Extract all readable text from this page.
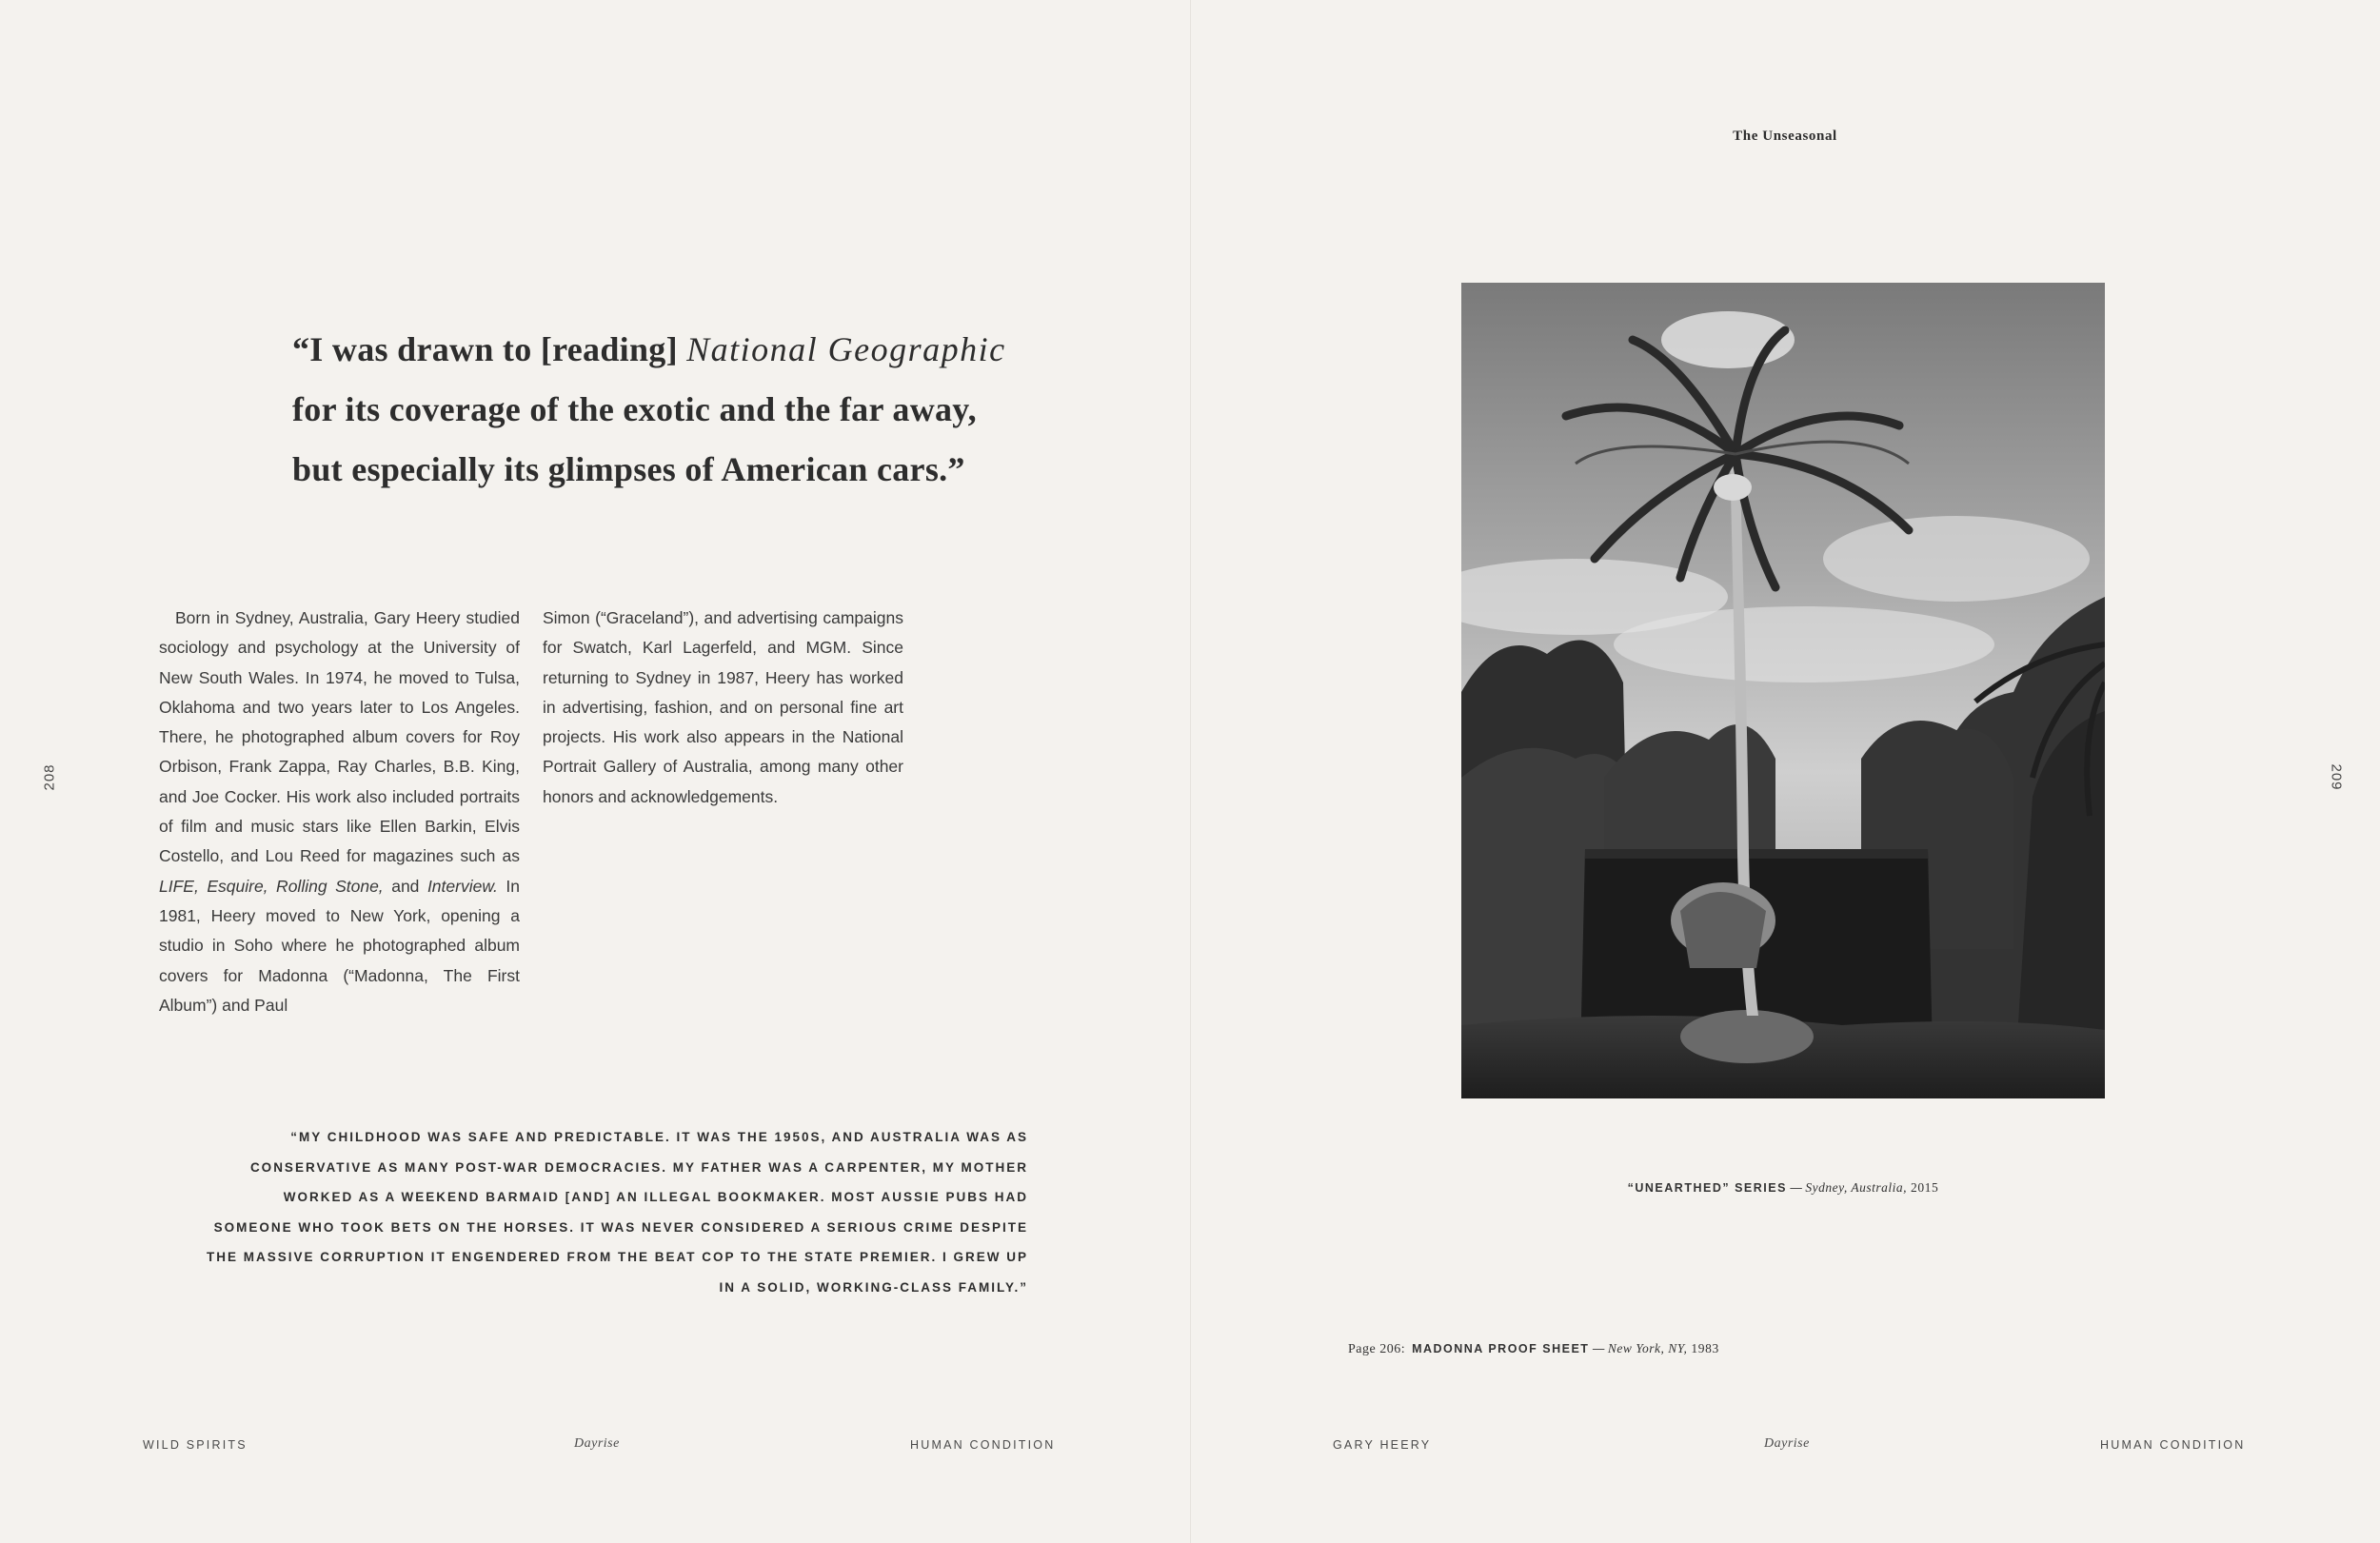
208
“I was drawn to [reading] National Geographic
for its coverage of the exotic and the far away,
but especially its glimpses of American cars.”

Born in Sydney, Australia, Gary Heery studied sociology and psychology at the University of New South Wales. In 1974, he moved to Tulsa, Oklahoma and two years later to Los Angeles. There, he photographed album covers for Roy Orbison, Frank Zappa, Ray Charles, B.B. King, and Joe Cocker. His work also included portraits of film and music stars like Ellen Barkin, Elvis Costello, and Lou Reed for magazines such as LIFE, Esquire, Rolling Stone, and Interview. In 1981, Heery moved to New York, opening a studio in Soho where he photographed album covers for Madonna (“Madonna, The First Album”) and Paul

Simon (“Graceland”), and advertising campaigns for Swatch, Karl Lagerfeld, and MGM. Since returning to Sydney in 1987, Heery has worked in advertising, fashion, and on personal fine art projects. His work also appears in the National Portrait Gallery of Australia, among many other honors and acknowledgements.

“MY CHILDHOOD WAS SAFE AND PREDICTABLE. IT WAS THE 1950S, AND AUSTRALIA WAS AS CONSERVATIVE AS MANY POST-WAR DEMOCRACIES. MY FATHER WAS A CARPENTER, MY MOTHER WORKED AS A WEEKEND BARMAID [AND] AN ILLEGAL BOOKMAKER. MOST AUSSIE PUBS HAD SOMEONE WHO TOOK BETS ON THE HORSES. IT WAS NEVER CONSIDERED A SERIOUS CRIME DESPITE THE MASSIVE CORRUPTION IT ENGENDERED FROM THE BEAT COP TO THE STATE PREMIER. I GREW UP IN A SOLID, WORKING-CLASS FAMILY.”
WILD SPIRITS	Dayrise	HUMAN CONDITION
The Unseasonal
“UNEARTHED” SERIES — Sydney, Australia, 2015
Page 206: MADONNA PROOF SHEET — New York, NY, 1983
209
GARY HEERY	Dayrise	HUMAN CONDITION
